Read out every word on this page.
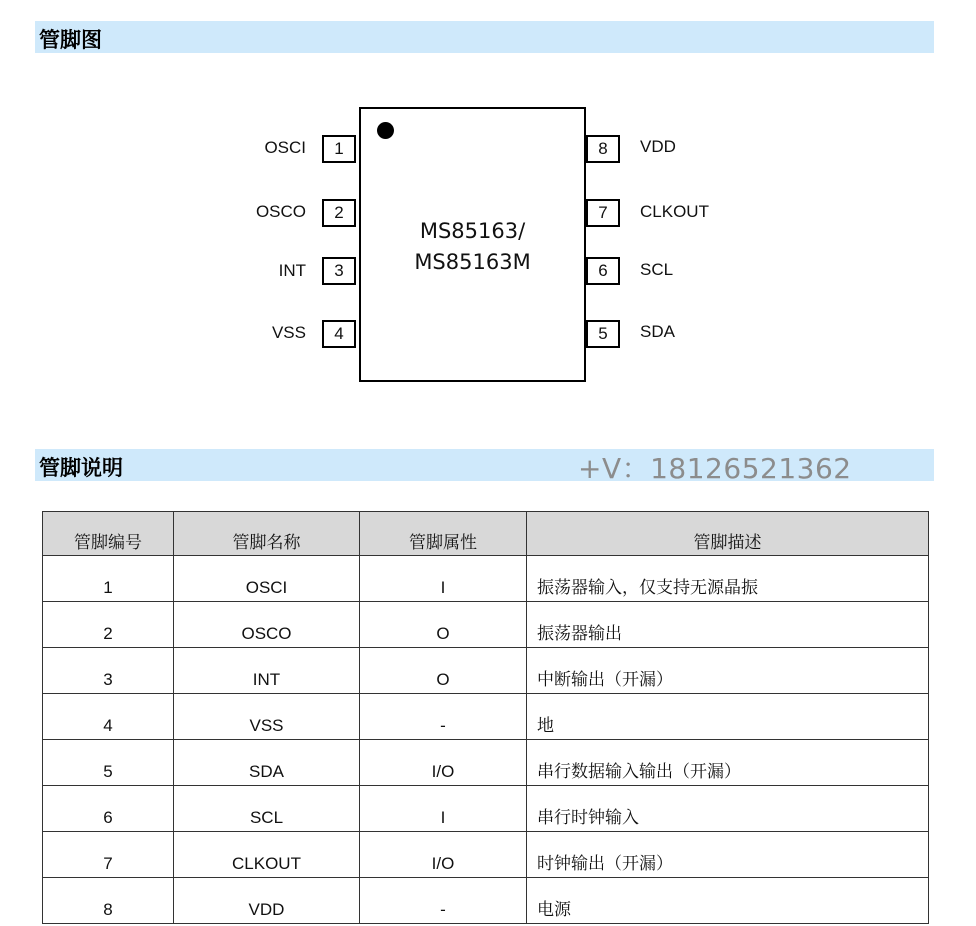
管脚图
MS85163/
MS85163M
OSCI	1
OSCO	2
INT	3
VSS	4
8	VDD
7	CLKOUT
6	SCL
5	SDA
管脚说明	+V：18126521362
管脚编号	管脚名称	管脚属性	管脚描述
1	OSCI	I	振荡器输入，仅支持无源晶振
2	OSCO	O	振荡器输出
3	INT	O	中断输出（开漏）
4	VSS	-	地
5	SDA	I/O	串行数据输入输出（开漏）
6	SCL	I	串行时钟输入
7	CLKOUT	I/O	时钟输出（开漏）
8	VDD	-	电源
